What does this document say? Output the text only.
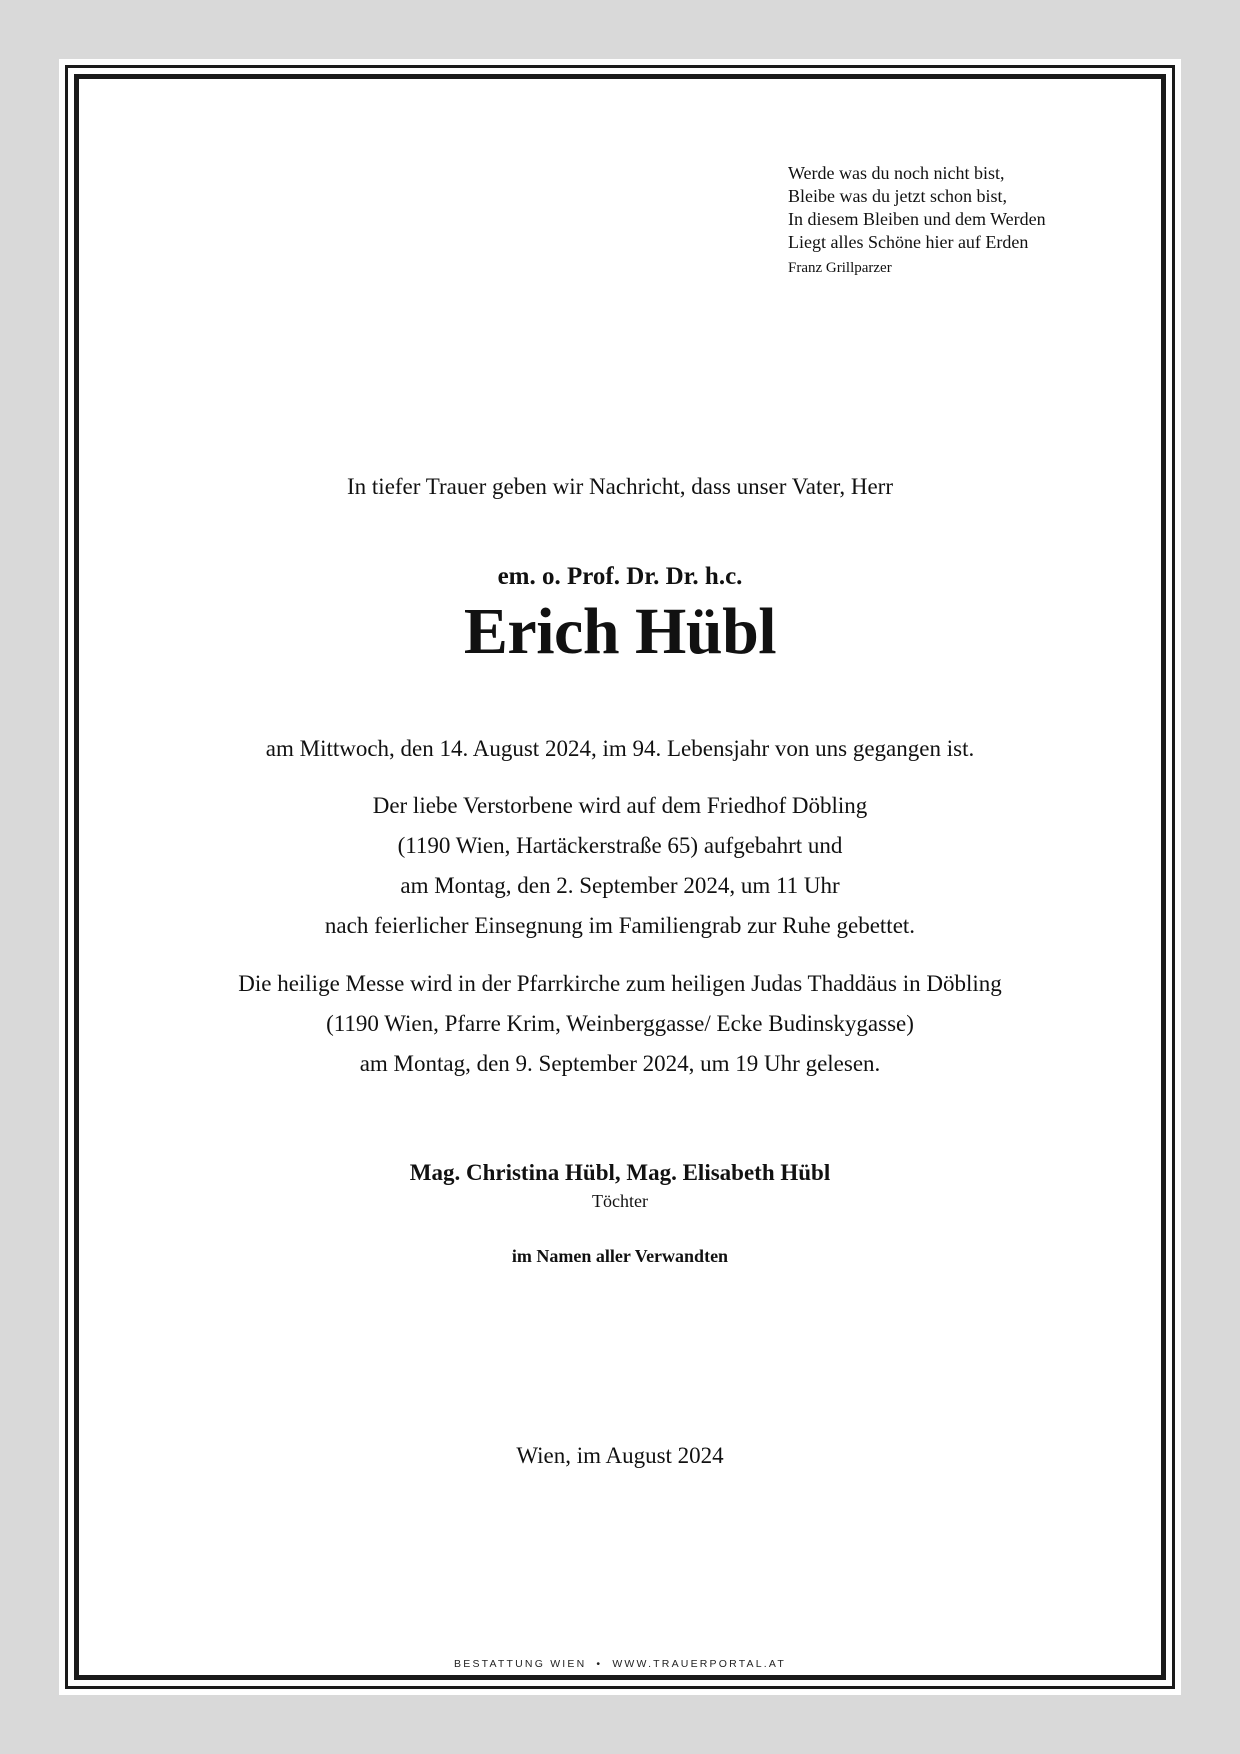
Werde was du noch nicht bist,
Bleibe was du jetzt schon bist,
In diesem Bleiben und dem Werden
Liegt alles Schöne hier auf Erden
Franz Grillparzer
In tiefer Trauer geben wir Nachricht, dass unser Vater, Herr
em. o. Prof. Dr. Dr. h.c.
Erich Hübl
am Mittwoch, den 14. August 2024, im 94. Lebensjahr von uns gegangen ist.
Der liebe Verstorbene wird auf dem Friedhof Döbling
(1190 Wien, Hartäckerstraße 65) aufgebahrt und
am Montag, den 2. September 2024, um 11 Uhr
nach feierlicher Einsegnung im Familiengrab zur Ruhe gebettet.
Die heilige Messe wird in der Pfarrkirche zum heiligen Judas Thaddäus in Döbling
(1190 Wien, Pfarre Krim, Weinberggasse/ Ecke Budinskygasse)
am Montag, den 9. September 2024, um 19 Uhr gelesen.
Mag. Christina Hübl, Mag. Elisabeth Hübl
Töchter
im Namen aller Verwandten
Wien, im August 2024
BESTATTUNG WIEN • WWW.TRAUERPORTAL.AT
